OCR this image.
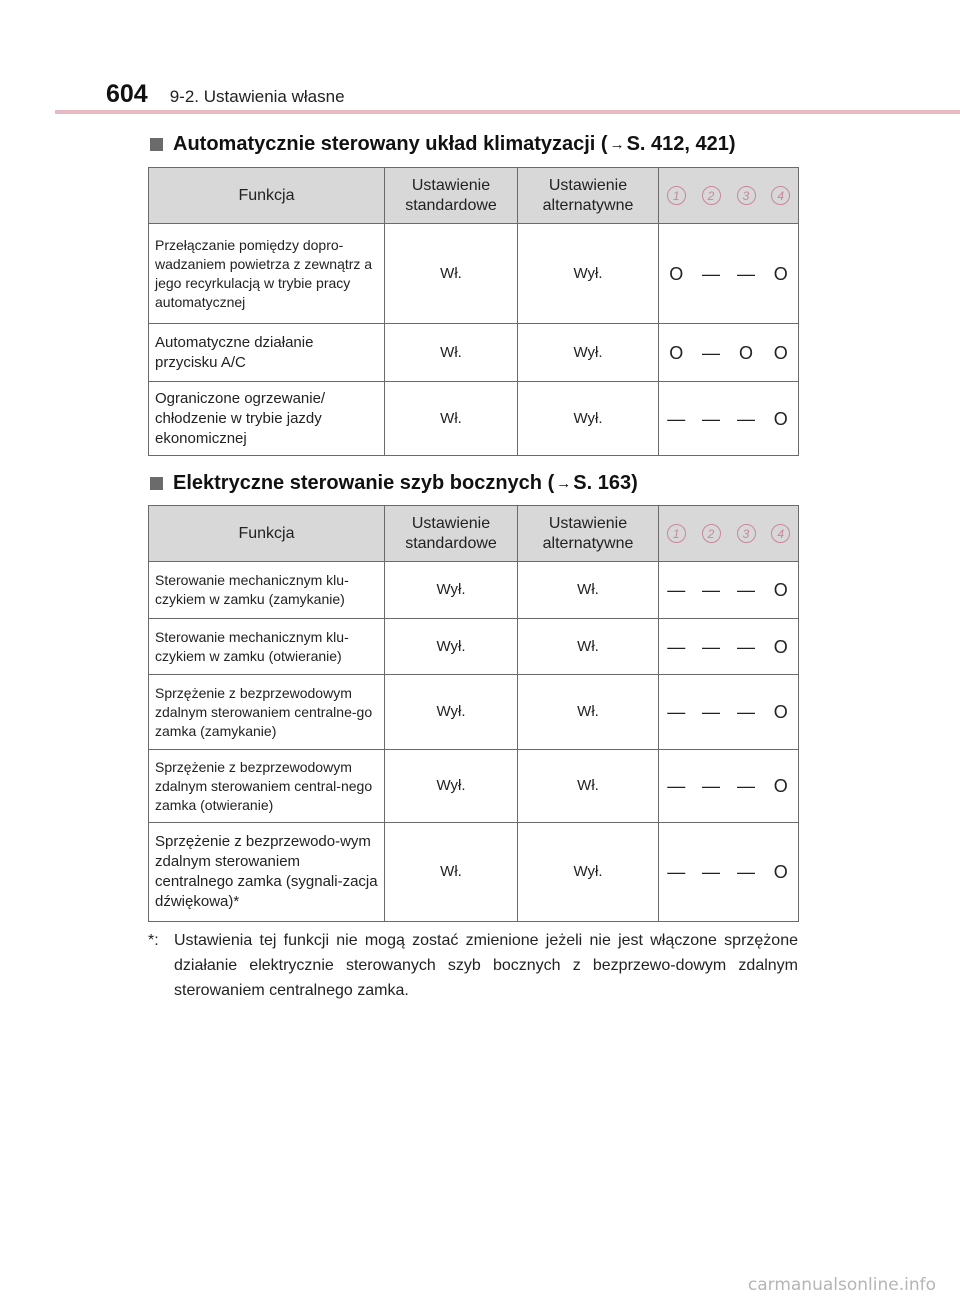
604 9-2. Ustawienia własne
Automatycznie sterowany układ klimatyzacji ( → S. 412, 421)
Funkcja	Ustawienie standardowe	Ustawienie alternatywne	1	2	3	4
Przełączanie pomiędzy dopro-wadzaniem powietrza z zewnątrz a jego recyrkulacją w trybie pracy automatycznej	Wł.	Wył.	O	—	—	O
Automatyczne działanie przycisku A/C	Wł.	Wył.	O	—	O	O
Ograniczone ogrzewanie/ chłodzenie w trybie jazdy ekonomicznej	Wł.	Wył.	—	—	—	O
Elektryczne sterowanie szyb bocznych ( → S. 163)
Funkcja	Ustawienie standardowe	Ustawienie alternatywne	1	2	3	4
Sterowanie mechanicznym klu-czykiem w zamku (zamykanie)	Wył.	Wł.	—	—	—	O
Sterowanie mechanicznym klu-czykiem w zamku (otwieranie)	Wył.	Wł.	—	—	—	O
Sprzężenie z bezprzewodowym zdalnym sterowaniem centralne-go zamka (zamykanie)	Wył.	Wł.	—	—	—	O
Sprzężenie z bezprzewodowym zdalnym sterowaniem central-nego zamka (otwieranie)	Wył.	Wł.	—	—	—	O
Sprzężenie z bezprzewodo-wym zdalnym sterowaniem centralnego zamka (sygnali-zacja dźwiękowa)*	Wł.	Wył.	—	—	—	O
*: Ustawienia tej funkcji nie mogą zostać zmienione jeżeli nie jest włączone sprzężone działanie elektrycznie sterowanych szyb bocznych z bezprzewo-dowym zdalnym sterowaniem centralnego zamka.
carmanualsonline.info
